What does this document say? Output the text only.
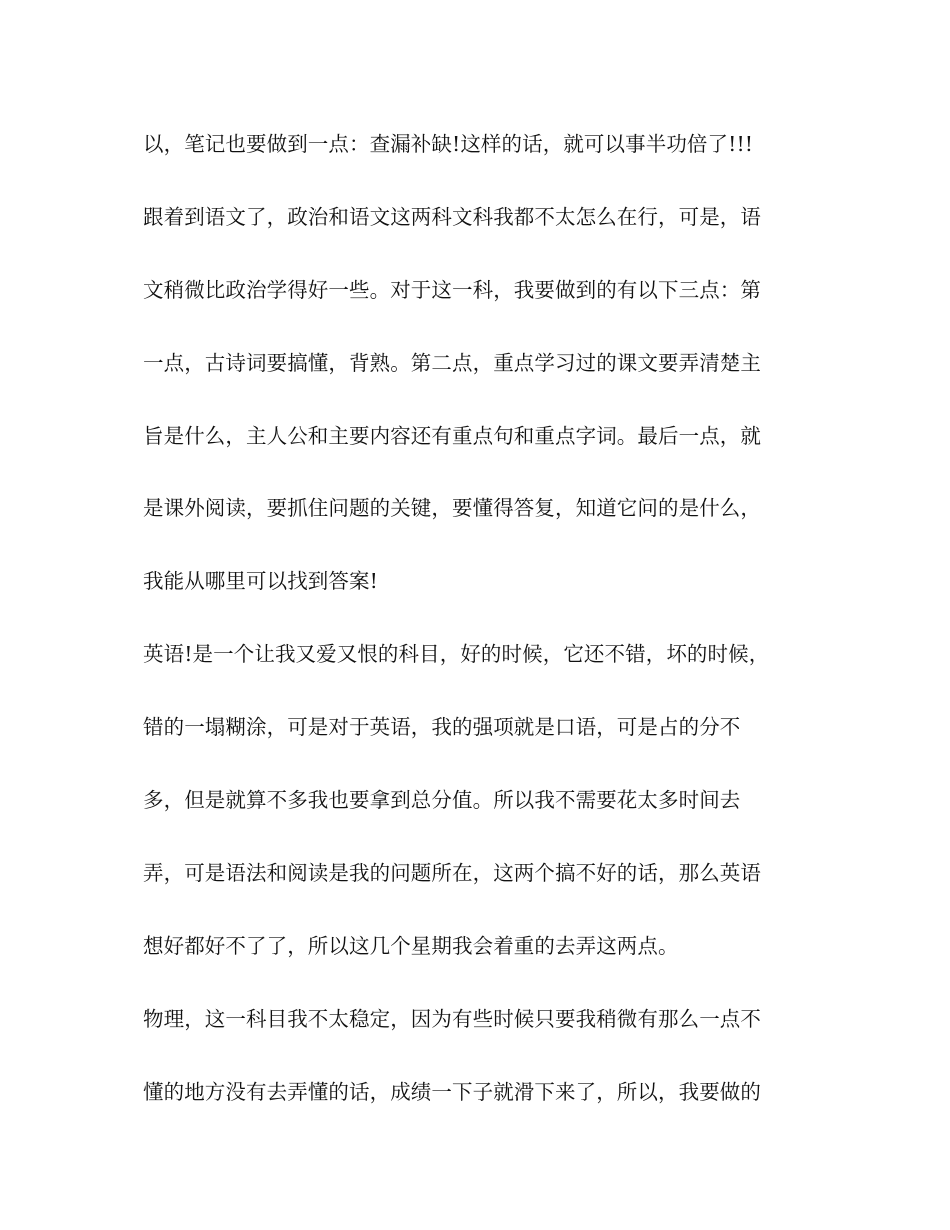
以，笔记也要做到一点：查漏补缺!这样的话，就可以事半功倍了!!!
跟着到语文了，政治和语文这两科文科我都不太怎么在行，可是，语
文稍微比政治学得好一些。对于这一科，我要做到的有以下三点：第
一点，古诗词要搞懂，背熟。第二点，重点学习过的课文要弄清楚主
旨是什么，主人公和主要内容还有重点句和重点字词。最后一点，就
是课外阅读，要抓住问题的关键，要懂得答复，知道它问的是什么，
我能从哪里可以找到答案!
英语!是一个让我又爱又恨的科目，好的时候，它还不错，坏的时候，
错的一塌糊涂，可是对于英语，我的强项就是口语，可是占的分不
多，但是就算不多我也要拿到总分值。所以我不需要花太多时间去
弄，可是语法和阅读是我的问题所在，这两个搞不好的话，那么英语
想好都好不了了，所以这几个星期我会着重的去弄这两点。
物理，这一科目我不太稳定，因为有些时候只要我稍微有那么一点不
懂的地方没有去弄懂的话，成绩一下子就滑下来了，所以，我要做的
